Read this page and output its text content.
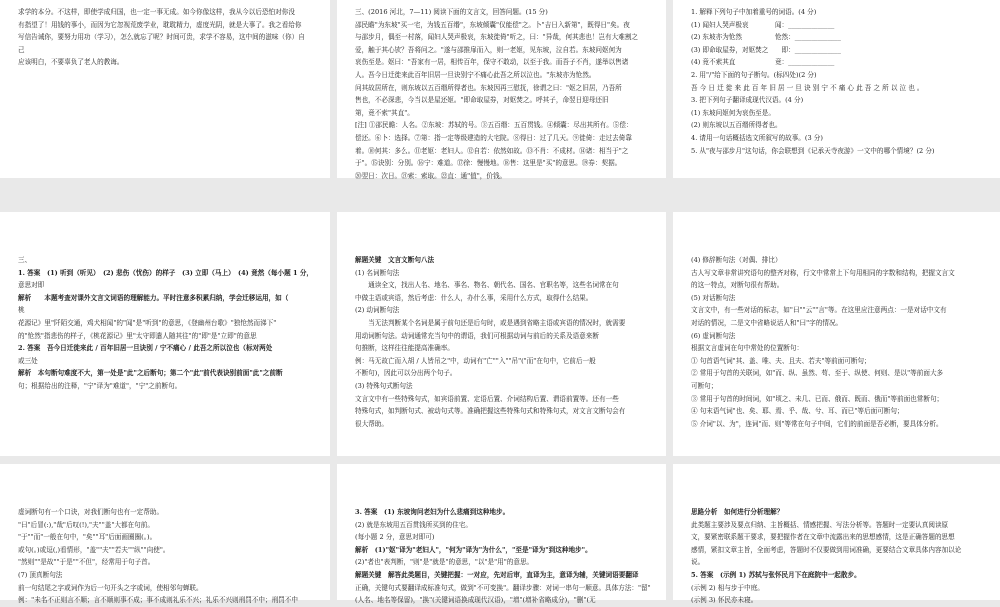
求学的本分。不这样，即使学成归国，也一定一事无成。如今你像这样，我从今以后恐怕对你没
有指望了！用钱的事小，而因为它忽视荒废学业，耽耽精力，虚度光阴，就是大事了。我之看给你
写信告诫你，要努力用功（学习），怎么就忘了呢？时间可贵，求学不容易，这中间的滋味（你）自
己
应该明白，不要辜负了老人的教诲。
三、(2016 河北，7—11) 阅读下面的文言文，回答问题。(15 分)
邵民瞻"为东坡"买一宅，为钱五百缗"，东坡倾囊"仅能偿"之。卜"吉日入新第"，既得日"矣。夜
与邵步月，偶至一村落，闻妇人哭声极哀，东坡徙倚"听之，曰："异哉，何其悲也！岂有大难割之
爱，触于其心欤？吾将问之。"遂与邵推扉而入，则一老妪，见东坡，泣自若。东坡问妪何为
哀伤至是。妪曰："吾家有一居，相传百年，保守不敢动，以至于我。而吾子不肖，遂举以售诸
人。吾今日迁徙来此百年旧居一旦诀别宁不痛心此吾之所以泣也。"东坡亦为怆然。
问其故居所在，则东坡以五百缗所得者也。东坡因再三慰抚，徐谓之曰："妪之旧居，乃吾所
售也，不必深悲，今当以是屋还妪。"即命取屋券，对妪焚之。呼其子，命翌日迎母还旧
第，竟不索"其直"。
[注] ①邵民瞻：人名。②东坡：苏轼的号。③五百缗：五百贯钱。④倾囊：尽出其所有。⑤偿：
偿还。⑥卜：选择。⑦第：指一定等级建造的大宅院。⑧得日：过了几天。⑨徙倚：走过去倚靠
着。⑩何其：多么。⑪老妪：老妇人。⑫自若：依然如故。⑬不肖：不成材。⑭诸：相当于"之
于"。⑮诀别：分别。⑯宁：难道。⑰徐：慢慢地。⑱售：这里是"买"的意思。⑲券：契据。
⑳翌日：次日。㉑索：索取。㉒直：通"值"，价钱。
1. 解释下列句子中加着重号的词语。(4 分)
(1) 闻妇人哭声极哀　　　　闻：______________
(2) 东坡亦为怆然　　　　　怆然：______________
(3) 即命取屋券，对妪焚之　　即：______________
(4) 竟不索其直　　　　　　竟：______________
2. 用"/"给下面的句子断句。(标四处)(2 分)
吾 今 日 迁 徙 来 此 百 年 旧 居 一 旦 诀 别 宁 不 痛 心 此 吾 之 所 以 泣 也 。
3. 把下列句子翻译成现代汉语。(4 分)
(1) 东坡问妪何为哀伤至是。
(2) 则东坡以五百缗所得者也。
4. 请用一句话概括选文所叙写的故事。(3 分)
5. 从"夜与邵步月"这句话，你会联想到《记承天寺夜游》一文中的哪个情境？(2 分)
三、
1. 答案　(1) 听到（听见）　(2) 悲伤（忧伤）的样子　(3) 立即（马上）　(4) 竟然（每小题 1 分，
意思对即
解析　　本题考查对课外文言文词语的理解能力。平时注意多积累归纳，学会迁移运用，如（
桃
花源记》里"阡陌交通，鸡犬相闻"的"闻"是"听到"的意思，《登幽州台歌》"独怆然而涕下"
的"怆然"指悲伤的样子，《桃花源记》里"太守即遣人随其往"的"即"是"立即"的意思
2. 答案　吾今日迁徙来此 / 百年旧居一旦诀别 / 宁不痛心 / 此吾之所以泣也（标对两处
或三处
解析　本句断句难度不大，第一处是"此"之后断句；第二个"此"前代表诀别前面"此"之前断
句；根据给出的注释，"宁"译为"难道"，"宁"之前断句。
解题关键　文言文断句八法
(1) 名词断句法
　　通读全文，找出人名、地名、事名、物名、朝代名、国名、官职名等，这些名词常在句
中做主语或宾语，然后考虑：什么人，办什么事，采用什么方式，取得什么结果。
(2) 动词断句法
　　当无法判断某个名词是属于前句还是后句时，或是遇到省略主语或宾语的情况时，就需要
用动词断句法。动词通常充当句中的谓语，我们可根据动词与前后的关系及语意来断
句推断，这样往往能提高准确率。
例：马无故亡而入胡 / 人皆吊之"中，动词有"亡""入""吊"("而"在句中，它前后一般
不断句)，因此可以分出两个句子。
(3) 特殊句式断句法
文言文中有一些特殊句式，如宾语前置、定语后置、介词结构后置、谓语前置等。还有一些
特殊句式，如判断句式、被动句式等。准确把握这些特殊句式和特殊句式，对文言文断句会有
很大帮助。
(4) 修辞断句法（对偶、排比）
古人写文章非常讲究语句的整齐对称，行文中常常上下句用相同的字数和结构，把握文言文
的这一特点，对断句很有帮助。
(5) 对话断句法
文言文中，有一些对话的标志，如"曰""云""言"等。在这里应注意两点：一是对话中文有
对话的情况，二是文中省略说话人和"曰"字的情况。
(6) 虚词断句法
根据文言虚词在句中常处的位置断句：
① 句首语气词"其、盖、唯、夫、且夫、若夫"等前面可断句；
② 常用于句首的关联词，如"而、纵、虽然、苟、至于、纵使、何则、是以"等前面大多
可断句；
③ 常用于句首的时间词，如"顷之、未几、已而、俄而、既而、俄而"等前面也常断句；
④ 句末语气词"也、矣、耶、焉、乎、哉、兮、耳、而已"等后面可断句；
⑤ 介词"以、为"，连词"而、则"等常在句子中间，它们的前面是否必断，要具体分析。
虚词断句有一个口诀，对我们断句也有一定帮助。
"曰"后冒(:),"哉"后叹(!),"夫""盖"大都在句前。
"于""而"一般在句中，"矣""耳"后面画圈圈(。)。
或句(。)或逗(,)看情形，"盖""夫""若夫""纵""向使"。
"然则""是故""于是""不但"，经常用于句子首。
(7) 顶真断句法
前一句结尾之字或词作为后一句开头之字或词，使相邻句蝉联。
例："未名不正则言不顺；言不顺则事不成；事不成则礼乐不兴；礼乐不兴则刑罚不中；刑罚不中
3. 答案　(1) 东坡询问老妇为什么悲痛到这种地步。
(2) 就是东坡用五百贯钱所买到的住宅。
(每小题 2 分，意思对即可)
解析　(1)"妪"译为"老妇人"，"何为"译为"为什么"，"至是"译为"到这种地步"。
(2)"者也"表判断，"则"是"就是"的意思，"以"是"用"的意思。
解题关键　解答此类题目，关键把握：一对应，先对后审，直译为主，意译为辅，关键词语要翻译
正确，关键句式要翻译成标准句式，做到"不可变换"。翻译步骤：对词一串句一顺意。具体方法："留"
(人名、地名等保留)，"换"(关键词语换成现代汉语)，"增"(增补省略成分)，"删"(无
思路分析　如何进行分析理解？
此类题主要涉及要点归纳、主旨概括、情感把握、写法分析等。答题时一定要认真阅读原
文，要紧密联系题干要求，要把握作者在文章中流露出来的思想感情，这是正确答题的思想
感情，紧扣文章主旨，全面考虑，答题时不仅要做到用词准确，更要结合文章具体内容加以论
说。
5. 答案　(示例 1) 苏轼与张怀民月下在庭院中一起散步。
(示例 2) 相与步于中庭。
(示例 3) 怀民亦未寝。
